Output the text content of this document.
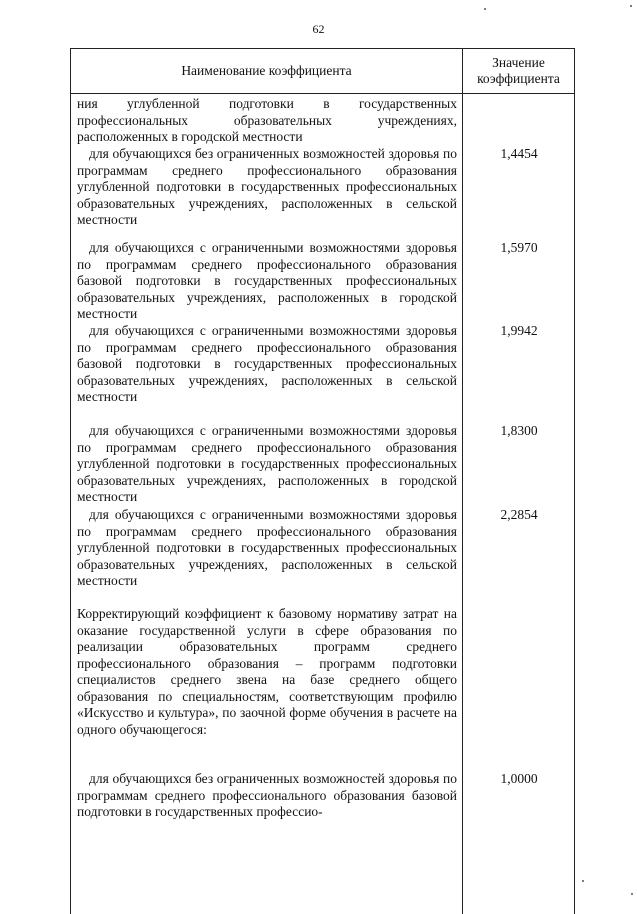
62
Наименование коэффициента
Значение
коэффициента
ния углубленной подготовки в государственных профессиональных образовательных учреждениях, расположенных в городской местности
для обучающихся без ограниченных возможностей здоровья по программам среднего профессионального образования углубленной подготовки в государственных профессиональных образовательных учреждениях, расположенных в сельской местности
1,4454
для обучающихся с ограниченными возможностями здоровья по программам среднего профессионального образования базовой подготовки в государственных профессиональных образовательных учреждениях, расположенных в городской местности
1,5970
для обучающихся с ограниченными возможностями здоровья по программам среднего профессионального образования базовой подготовки в государственных профессиональных образовательных учреждениях, расположенных в сельской местности
1,9942
для обучающихся с ограниченными возможностями здоровья по программам среднего профессионального образования углубленной подготовки в государственных профессиональных образовательных учреждениях, расположенных в городской местности
1,8300
для обучающихся с ограниченными возможностями здоровья по программам среднего профессионального образования углубленной подготовки в государственных профессиональных образовательных учреждениях, расположенных в сельской местности
2,2854
Корректирующий коэффициент к базовому нормативу затрат на оказание государственной услуги в сфере образования по реализации образовательных программ среднего профессионального образования – программ подготовки специалистов среднего звена на базе среднего общего образования по специальностям, соответствующим профилю «Искусство и культура», по заочной форме обучения в расчете на одного обучающегося:
для обучающихся без ограниченных возможностей здоровья по программам среднего профессионального образования базовой подготовки в государственных профессио-
1,0000
